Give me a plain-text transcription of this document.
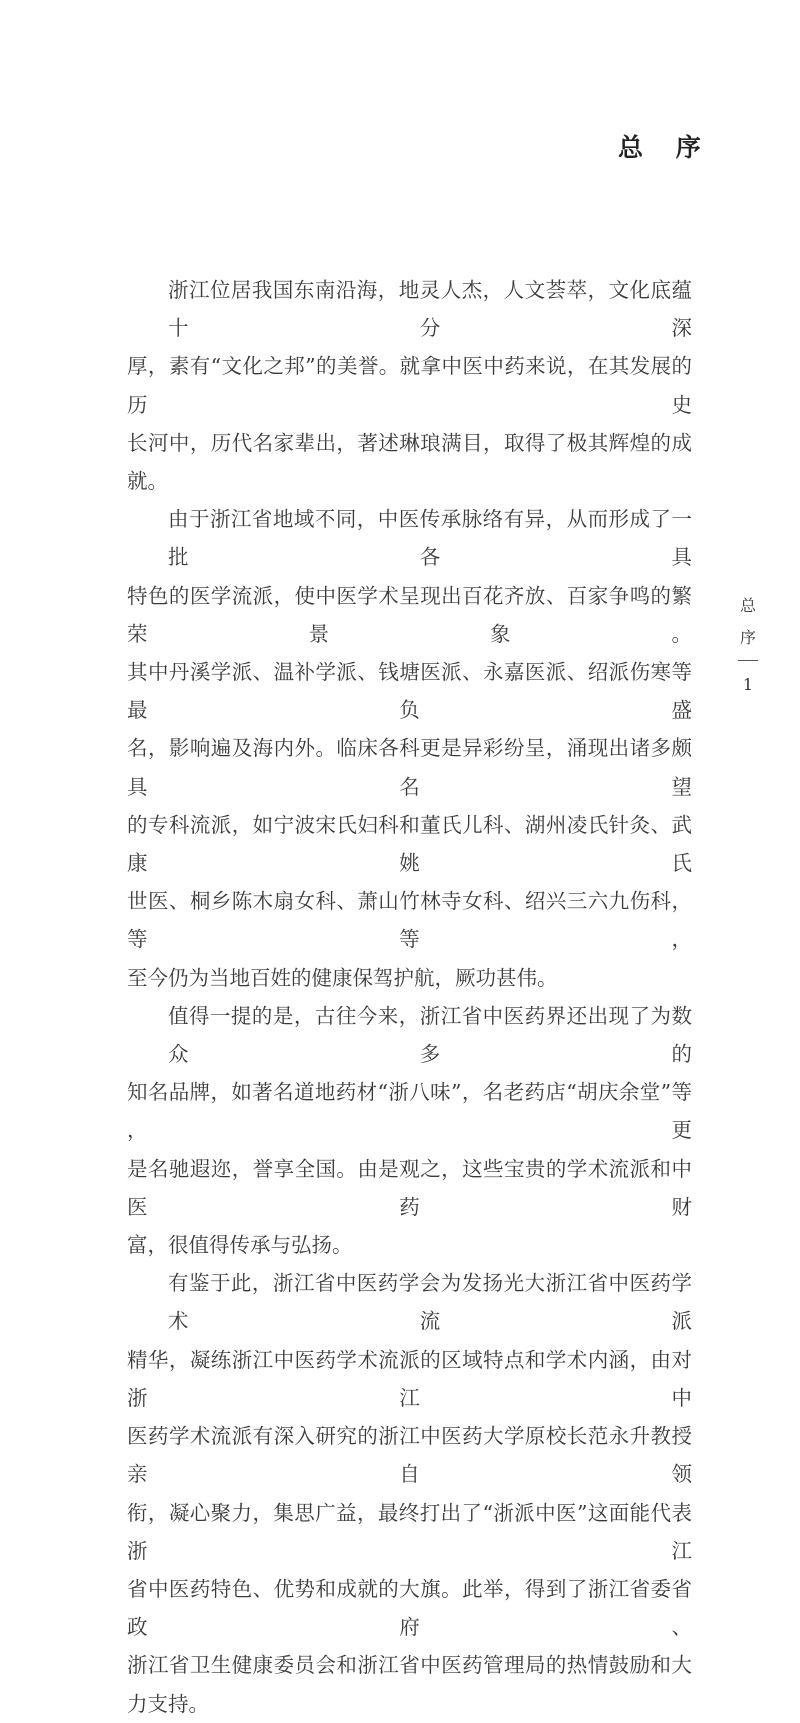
总 序
浙江位居我国东南沿海，地灵人杰，人文荟萃，文化底蕴十分深
厚，素有“文化之邦”的美誉。就拿中医中药来说，在其发展的历史
长河中，历代名家辈出，著述琳琅满目，取得了极其辉煌的成就。
由于浙江省地域不同，中医传承脉络有异，从而形成了一批各具
特色的医学流派，使中医学术呈现出百花齐放、百家争鸣的繁荣景象。
其中丹溪学派、温补学派、钱塘医派、永嘉医派、绍派伤寒等最负盛
名，影响遍及海内外。临床各科更是异彩纷呈，涌现出诸多颇具名望
的专科流派，如宁波宋氏妇科和董氏儿科、湖州凌氏针灸、武康姚氏
世医、桐乡陈木扇女科、萧山竹林寺女科、绍兴三六九伤科，等等，
至今仍为当地百姓的健康保驾护航，厥功甚伟。
值得一提的是，古往今来，浙江省中医药界还出现了为数众多的
知名品牌，如著名道地药材“浙八味”，名老药店“胡庆余堂”等，更
是名驰遐迩，誉享全国。由是观之，这些宝贵的学术流派和中医药财
富，很值得传承与弘扬。
有鉴于此，浙江省中医药学会为发扬光大浙江省中医药学术流派
精华，凝练浙江中医药学术流派的区域特点和学术内涵，由对浙江中
医药学术流派有深入研究的浙江中医药大学原校长范永升教授亲自领
衔，凝心聚力，集思广益，最终打出了“浙派中医”这面能代表浙江
省中医药特色、优势和成就的大旗。此举，得到了浙江省委省政府、
浙江省卫生健康委员会和浙江省中医药管理局的热情鼓励和大力支持。
总
序
1
